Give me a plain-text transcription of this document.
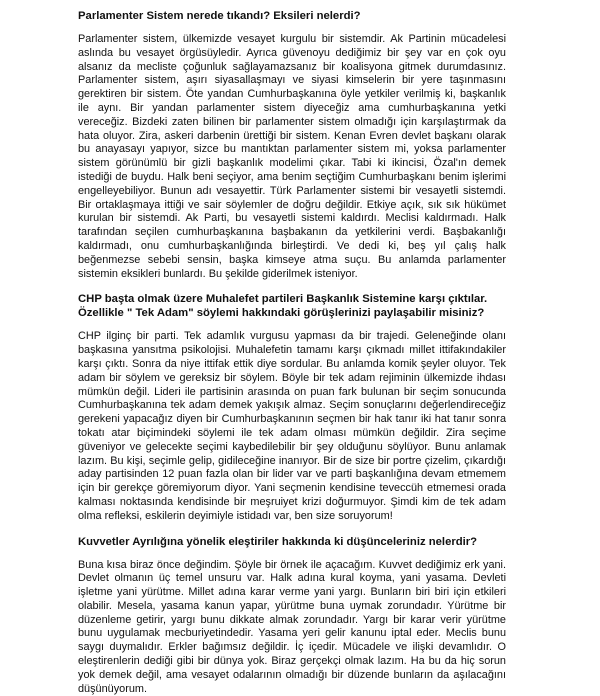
Parlamenter Sistem nerede tıkandı? Eksileri nelerdi?

Parlamenter sistem, ülkemizde vesayet kurgulu bir sistemdir. Ak Partinin mücadelesi aslında bu vesayet örgüsüyledir. Ayrıca güvenoyu dediğimiz bir şey var en çok oyu alsanız da mecliste çoğunluk sağlayamazsanız bir koalisyona gitmek durumdasınız. Parlamenter sistem, aşırı siyasallaşmayı ve siyasi kimselerin bir yere taşınmasını gerektiren bir sistem. Öte yandan Cumhurbaşkanına öyle yetkiler verilmiş ki, başkanlık ile aynı. Bir yandan parlamenter sistem diyeceğiz ama cumhurbaşkanına yetki vereceğiz. Bizdeki zaten bilinen bir parlamenter sistem olmadığı için karşılaştırmak da hata oluyor. Zira, askeri darbenin ürettiği bir sistem. Kenan Evren devlet başkanı olarak bu anayasayı yapıyor, sizce bu mantıktan parlamenter sistem mi, yoksa parlamenter sistem görünümlü bir gizli başkanlık modelimi çıkar. Tabi ki ikincisi, Özal'ın demek istediği de buydu. Halk beni seçiyor, ama benim seçtiğim Cumhurbaşkanı benim işlerimi engelleyebiliyor. Bunun adı vesayettir. Türk Parlamenter sistemi bir vesayetli sistemdi. Bir ortaklaşmaya ittiği ve sair söylemler de doğru değildir. Etkiye açık, sık sık hükümet kurulan bir sistemdi. Ak Parti, bu vesayetli sistemi kaldırdı. Meclisi kaldırmadı. Halk tarafından seçilen cumhurbaşkanına başbakanın da yetkilerini verdi. Başbakanlığı kaldırmadı, onu cumhurbaşkanlığında birleştirdi. Ve dedi ki, beş yıl çalış halk beğenmezse sebebi sensin, başka kimseye atma suçu. Bu anlamda parlamenter sistemin eksikleri bunlardı. Bu şekilde giderilmek isteniyor.

CHP başta olmak üzere Muhalefet partileri Başkanlık Sistemine karşı çıktılar. Özellikle " Tek Adam" söylemi hakkındaki görüşlerinizi paylaşabilir misiniz?

CHP ilginç bir parti. Tek adamlık vurgusu yapması da bir trajedi. Geleneğinde olanı başkasına yansıtma psikolojisi. Muhalefetin tamamı karşı çıkmadı millet ittifakındakiler karşı çıktı. Sonra da niye ittifak ettik diye sordular. Bu anlamda komik şeyler oluyor. Tek adam bir söylem ve gereksiz bir söylem. Böyle bir tek adam rejiminin ülkemizde ihdası mümkün değil. Lideri ile partisinin arasında on puan fark bulunan bir seçim sonucunda Cumhurbaşkanına tek adam demek yakışık almaz. Seçim sonuçlarını değerlendireceğiz gerekeni yapacağız diyen bir Cumhurbaşkanının seçmen bir hak tanır iki hat tanır sonra tokatı atar biçimindeki söylemi ile tek adam olması mümkün değildir. Zira seçime güveniyor ve gelecekte seçimi kaybedilebilir bir şey olduğunu söylüyor. Bunu anlamak lazım. Bu kişi, seçimle gelip, gidileceğine inanıyor. Bir de size bir portre çizelim, çıkardığı aday partisinden 12 puan fazla olan bir lider var ve parti başkanlığına devam etmemem için bir gerekçe göremiyorum diyor. Yani seçmenin kendisine teveccüh etmemesi orada kalması noktasında kendisinde bir meşruiyet krizi doğurmuyor. Şimdi kim de tek adam olma refleksi, eskilerin deyimiyle istidadı var, ben size soruyorum!

Kuvvetler Ayrılığına yönelik eleştiriler hakkında ki düşünceleriniz nelerdir?

Buna kısa biraz önce değindim. Şöyle bir örnek ile açacağım. Kuvvet dediğimiz erk yani. Devlet olmanın üç temel unsuru var. Halk adına kural koyma, yani yasama. Devleti işletme yani yürütme. Millet adına karar verme yani yargı. Bunların biri biri için etkileri olabilir. Mesela, yasama kanun yapar, yürütme buna uymak zorundadır. Yürütme bir düzenleme getirir, yargı bunu dikkate almak zorundadır. Yargı bir karar verir yürütme bunu uygulamak mecburiyetindedir. Yasama yeri gelir kanunu iptal eder. Meclis bunu saygı duymalıdır. Erkler bağımsız değildir. İç içedir. Mücadele ve ilişki devamlıdır. O eleştirenlerin dediği gibi bir dünya yok. Biraz gerçekçi olmak lazım. Ha bu da hiç sorun yok demek değil, ama vesayet odalarının olmadığı bir düzende bunların da aşılacağını düşünüyorum.
